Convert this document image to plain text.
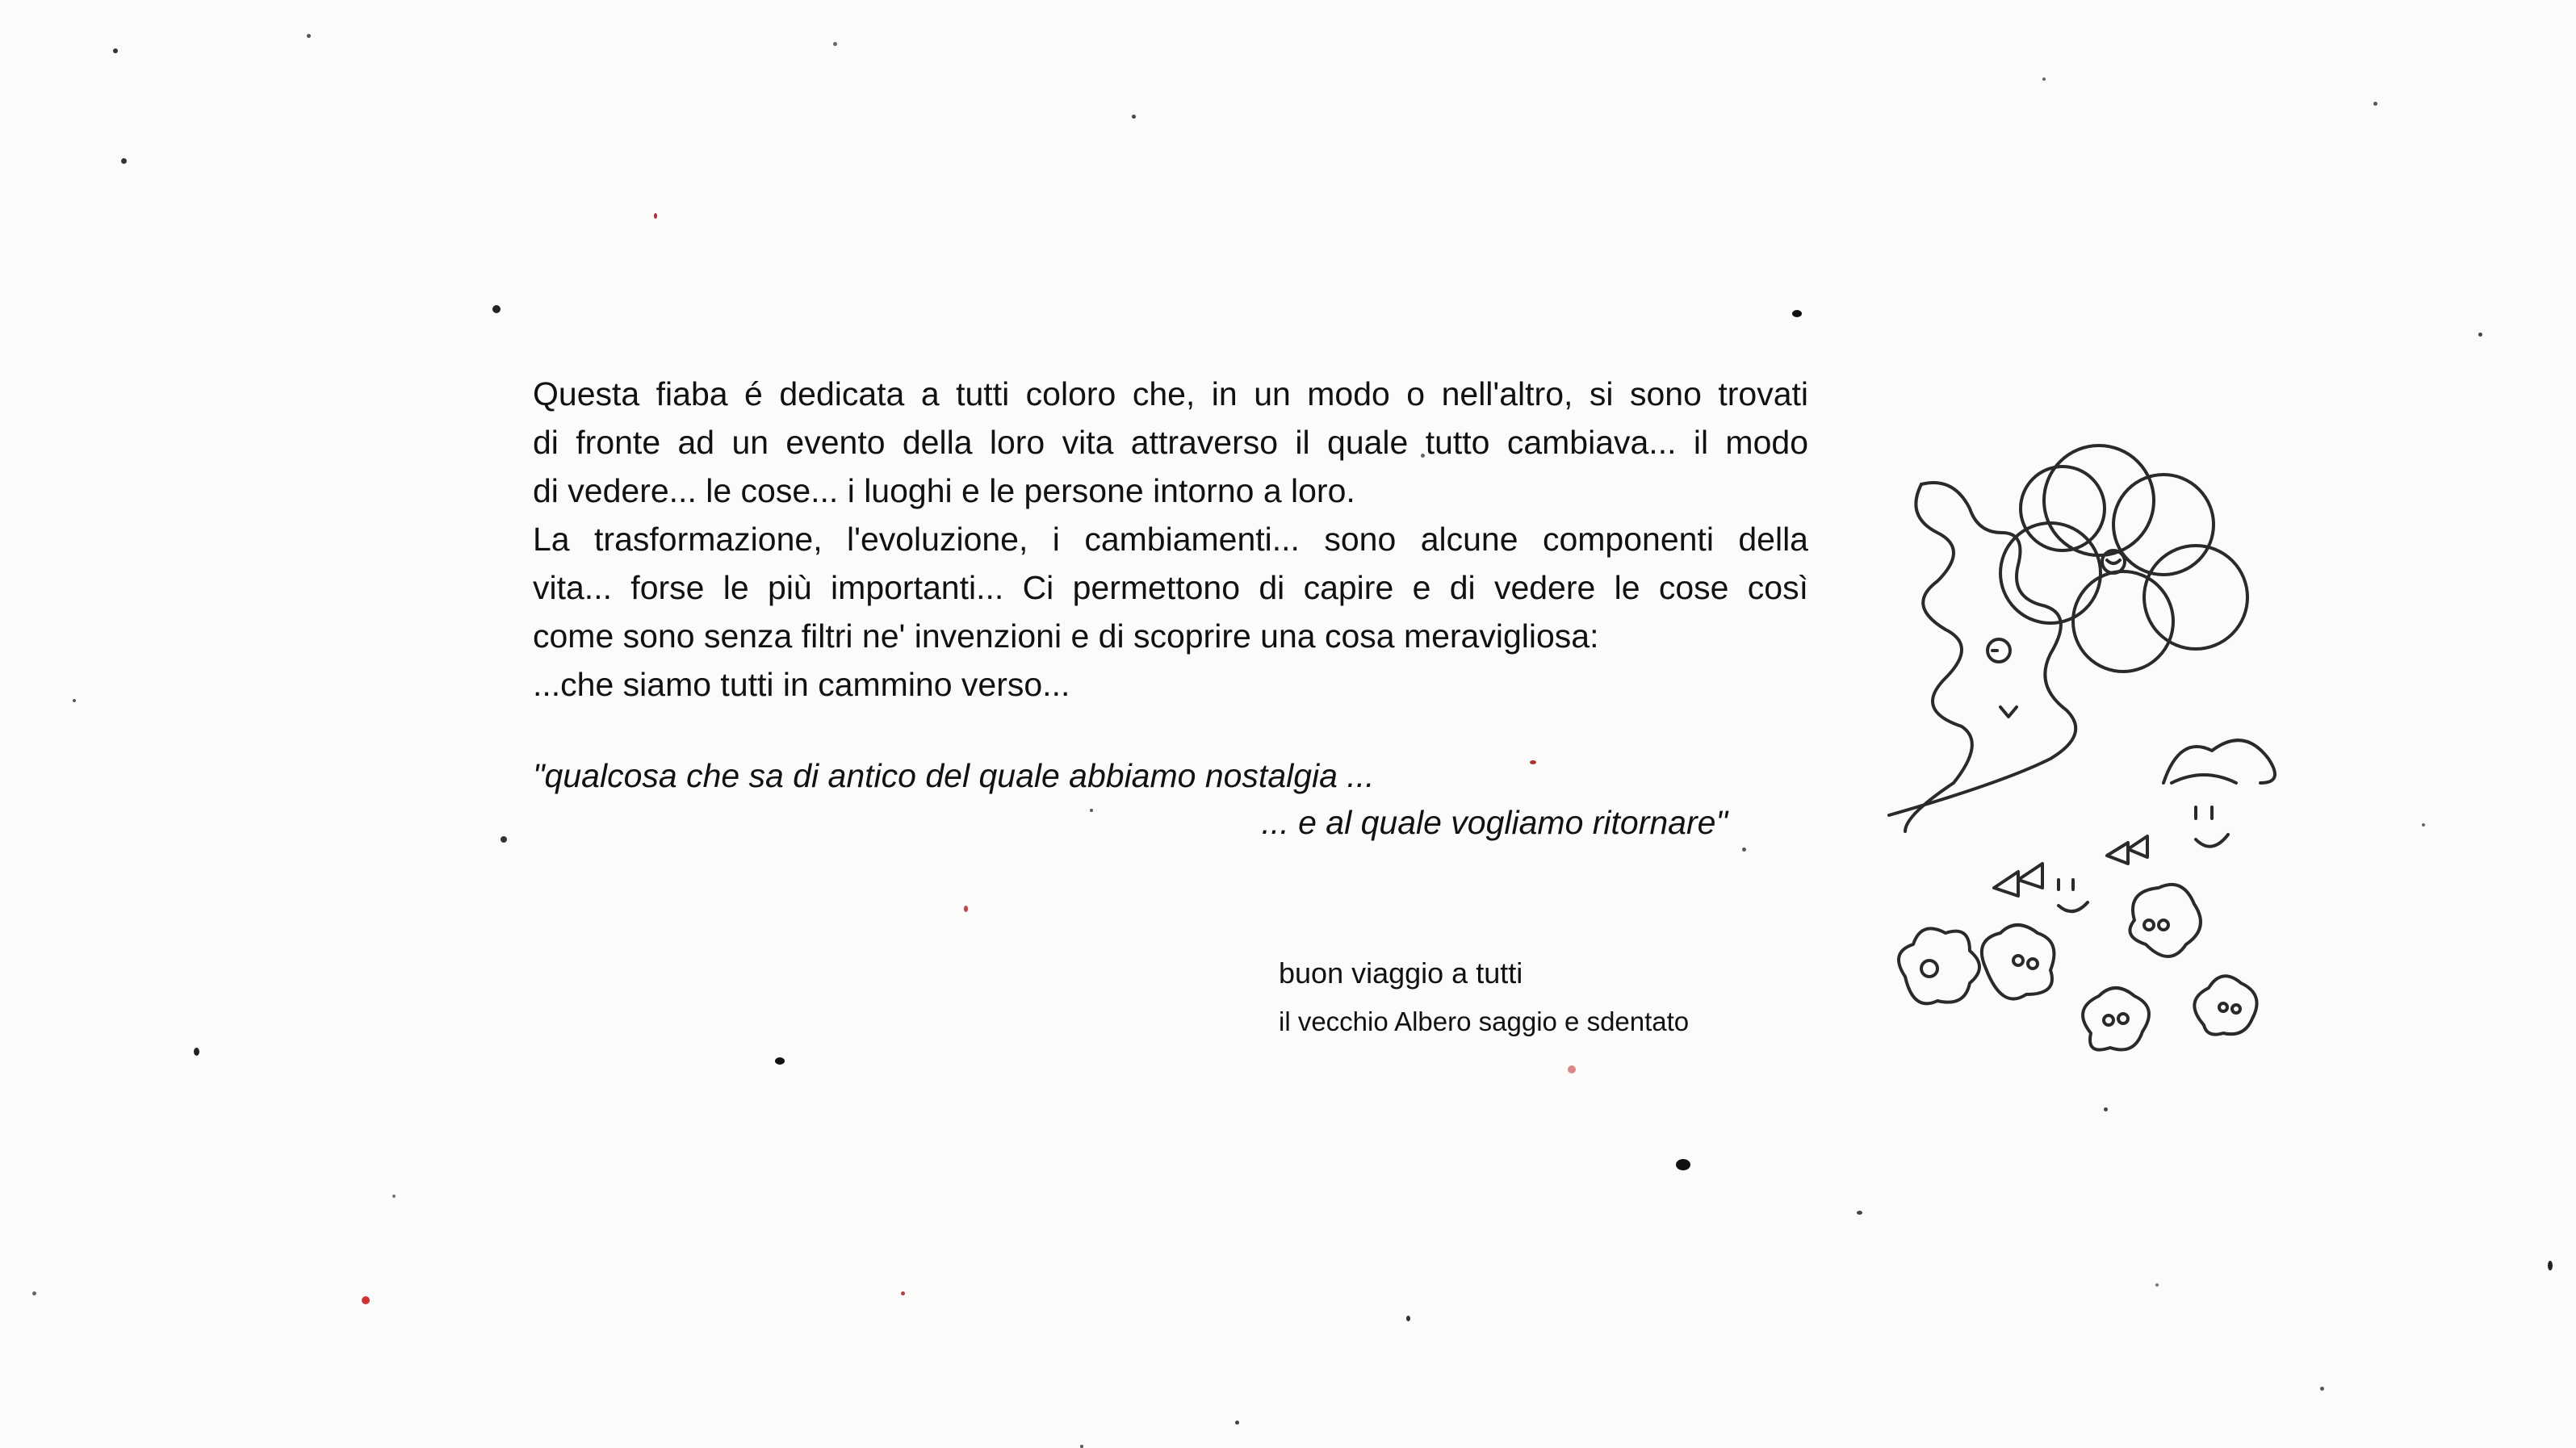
Questa fiaba é dedicata a tutti coloro che, in un modo o nell'altro, si sono trovati
di fronte ad un evento della loro vita attraverso il quale tutto cambiava... il modo
di vedere... le cose... i luoghi e le persone intorno a loro.
La trasformazione, l'evoluzione, i cambiamenti... sono alcune componenti della
vita... forse le più importanti... Ci permettono di capire e di vedere le cose così
come sono senza filtri ne' invenzioni e di scoprire una cosa meravigliosa:
...che siamo tutti in cammino verso...
"qualcosa che sa di antico del quale abbiamo nostalgia ...
... e al quale vogliamo ritornare"
buon viaggio a tutti
il vecchio Albero saggio e sdentato
